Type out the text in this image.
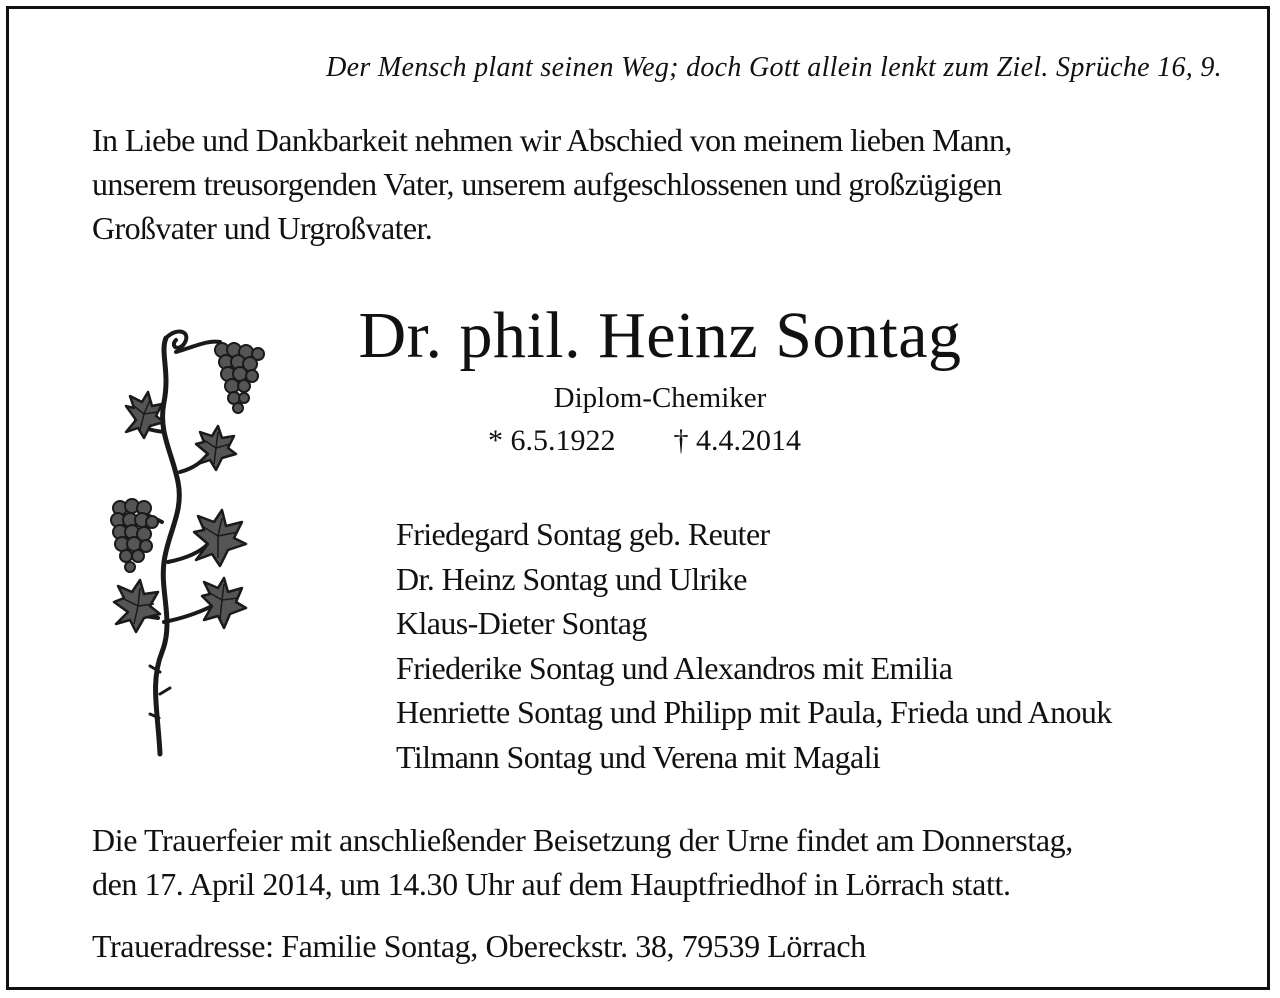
Der Mensch plant seinen Weg; doch Gott allein lenkt zum Ziel. Sprüche 16, 9.
In Liebe und Dankbarkeit nehmen wir Abschied von meinem lieben Mann,
unserem treusorgenden Vater, unserem aufgeschlossenen und großzügigen
Großvater und Urgroßvater.
Dr. phil. Heinz Sontag
Diplom-Chemiker
* 6.5.1922 † 4.4.2014
Friedegard Sontag geb. Reuter
Dr. Heinz Sontag und Ulrike
Klaus-Dieter Sontag
Friederike Sontag und Alexandros mit Emilia
Henriette Sontag und Philipp mit Paula, Frieda und Anouk
Tilmann Sontag und Verena mit Magali
Die Trauerfeier mit anschließender Beisetzung der Urne findet am Donnerstag,
den 17. April 2014, um 14.30 Uhr auf dem Hauptfriedhof in Lörrach statt.
Traueradresse: Familie Sontag, Obereckstr. 38, 79539 Lörrach
